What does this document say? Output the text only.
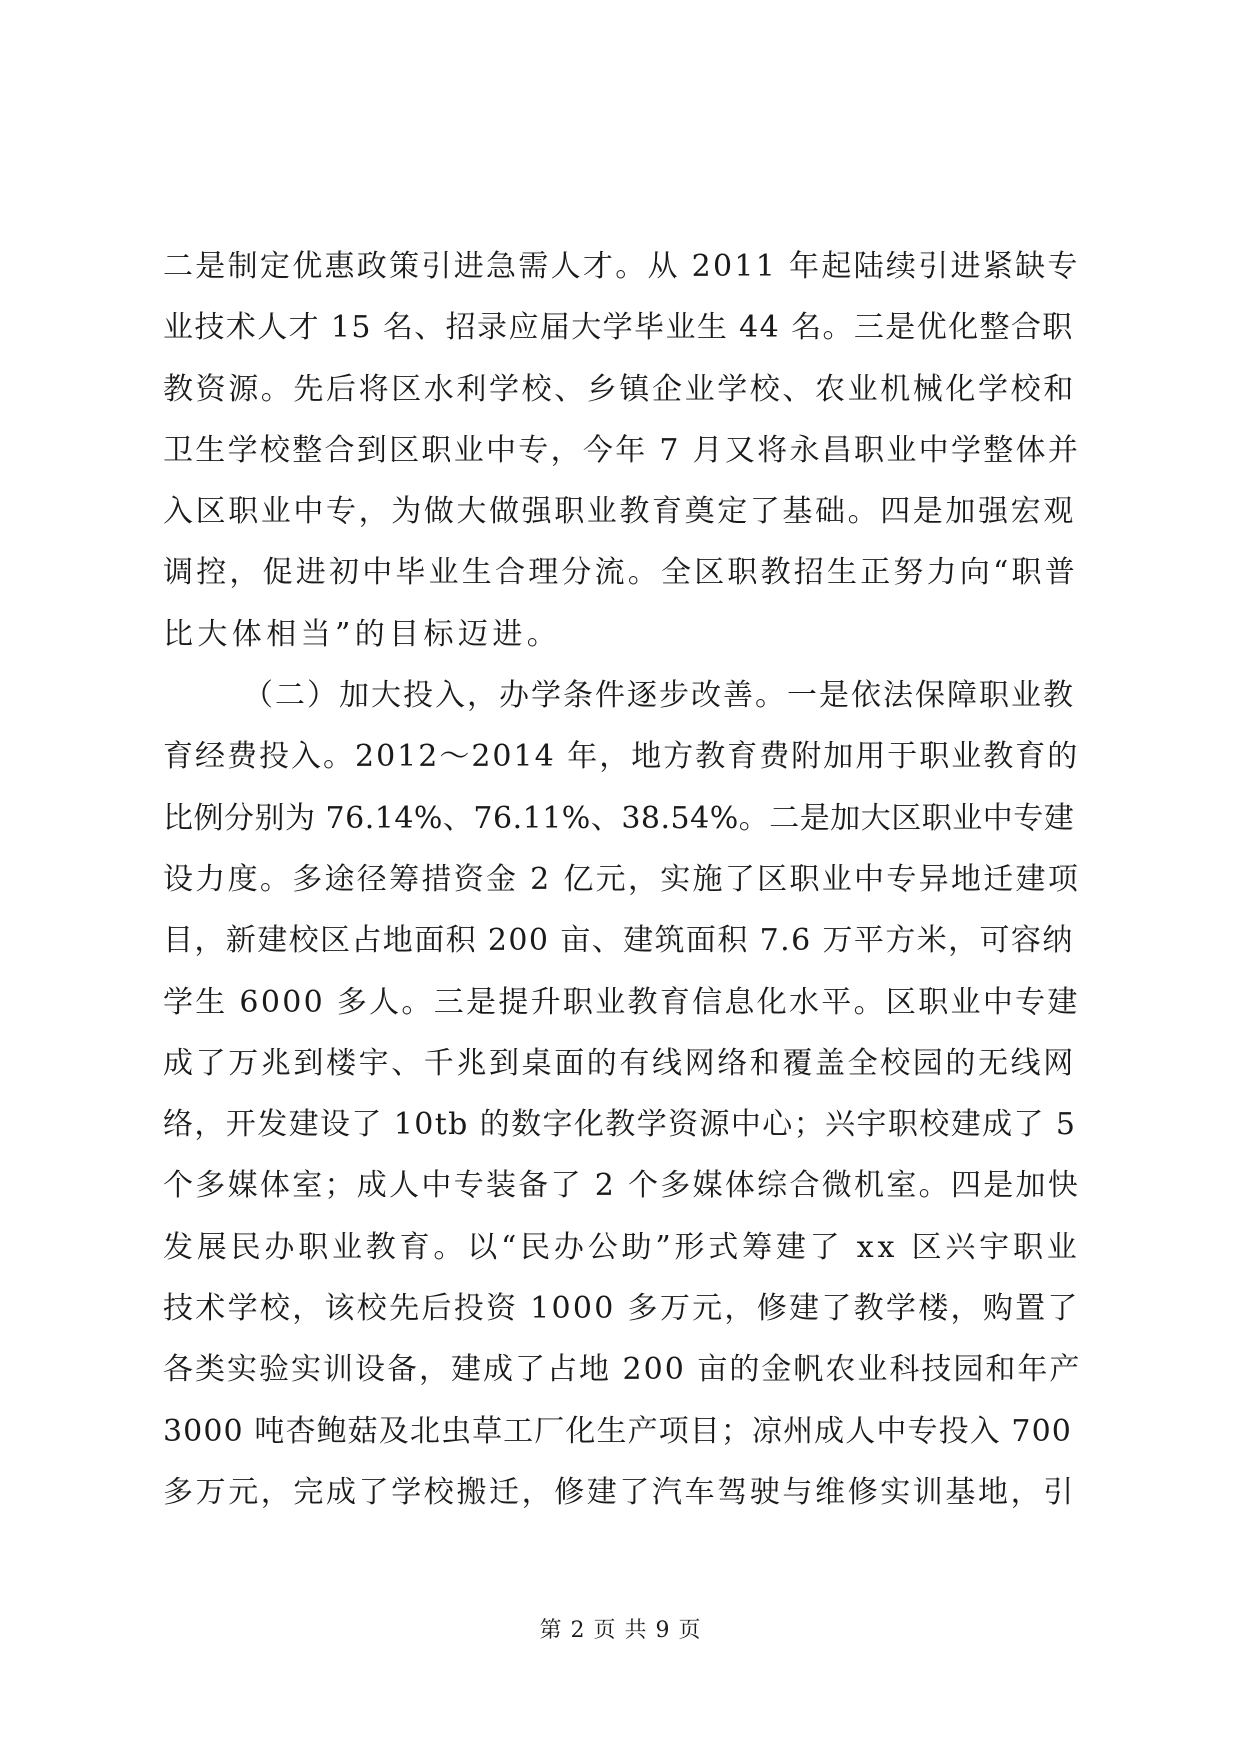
二是制定优惠政策引进急需人才。从 2011 年起陆续引进紧缺专
业技术人才 15 名、招录应届大学毕业生 44 名。三是优化整合职
教资源。先后将区水利学校、乡镇企业学校、农业机械化学校和
卫生学校整合到区职业中专，今年 7 月又将永昌职业中学整体并
入区职业中专，为做大做强职业教育奠定了基础。四是加强宏观
调控，促进初中毕业生合理分流。全区职教招生正努力向“职普
比大体相当”的目标迈进。
（二）加大投入，办学条件逐步改善。一是依法保障职业教
育经费投入。2012～2014 年，地方教育费附加用于职业教育的
比例分别为 76.14%、76.11%、38.54%。二是加大区职业中专建
设力度。多途径筹措资金 2 亿元，实施了区职业中专异地迁建项
目，新建校区占地面积 200 亩、建筑面积 7.6 万平方米，可容纳
学生 6000 多人。三是提升职业教育信息化水平。区职业中专建
成了万兆到楼宇、千兆到桌面的有线网络和覆盖全校园的无线网
络，开发建设了 10tb 的数字化教学资源中心；兴宇职校建成了 5
个多媒体室；成人中专装备了 2 个多媒体综合微机室。四是加快
发展民办职业教育。以“民办公助”形式筹建了 xx 区兴宇职业
技术学校，该校先后投资 1000 多万元，修建了教学楼，购置了
各类实验实训设备，建成了占地 200 亩的金帆农业科技园和年产
3000 吨杏鲍菇及北虫草工厂化生产项目；凉州成人中专投入 700
多万元，完成了学校搬迁，修建了汽车驾驶与维修实训基地，引
第 2 页 共 9 页
